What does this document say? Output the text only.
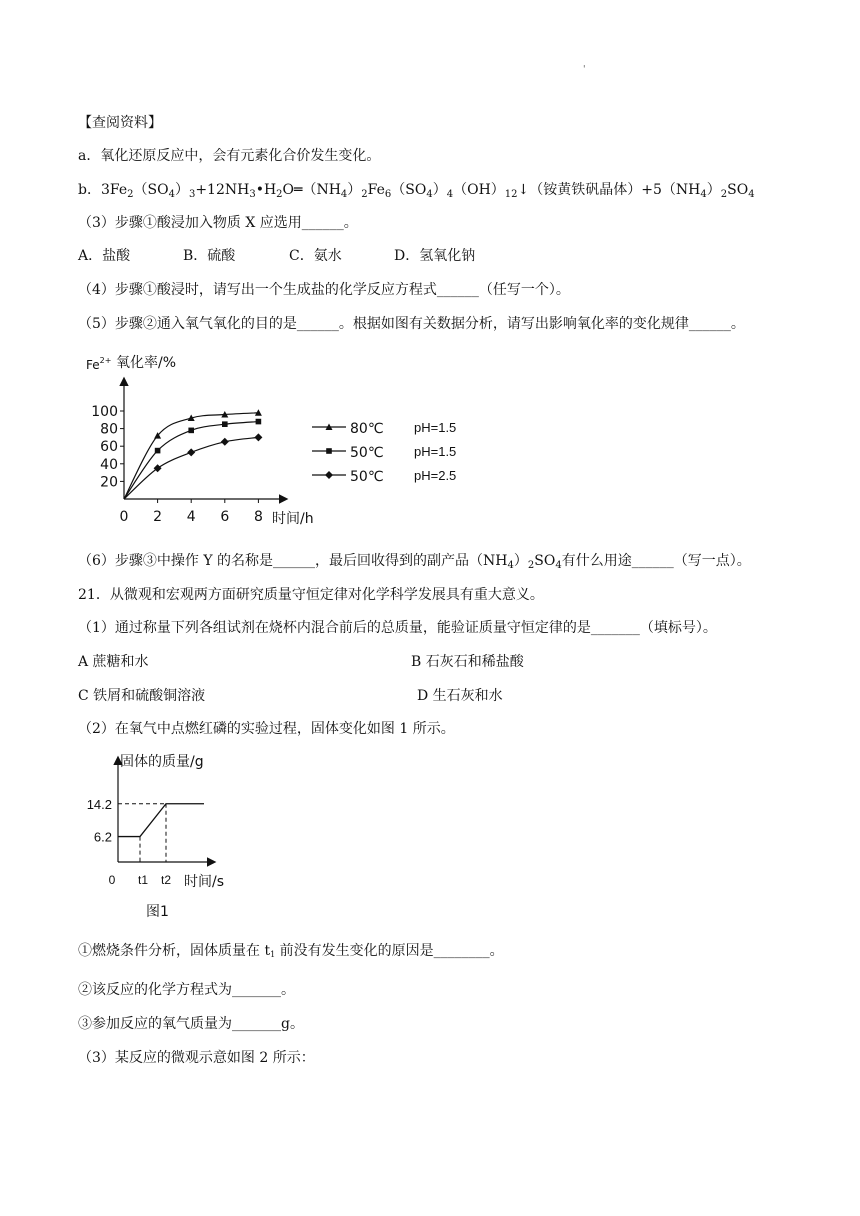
'
【查阅资料】
a．氧化还原反应中，会有元素化合价发生变化。
b．$3Fe_2(SO_4)_3+12NH_3•H_2O═(NH_4)_2Fe_6(SO_4)_4(OH)_{12}↓$（铵黄铁矾晶体）$+5(NH_4)_2SO_4$
（3）步骤①酸浸加入物质 X 应选用______。
A．盐酸	B．硫酸	C．氨水	D．氢氧化钠
（4）步骤①酸浸时，请写出一个生成盐的化学反应方程式______（任写一个）。
（5）步骤②通入氧气氧化的目的是______。根据如图有关数据分析，请写出影响氧化率的变化规律______。
$Fe^{2+}$ 氧化率/%
20
40
60
80
100
0 2 4 6 8 时间/h
80℃ pH=1.5
50℃ pH=1.5
50℃ pH=2.5
（6）步骤③中操作 Y 的名称是______，最后回收得到的副产品$(NH_4)_2SO_4$有什么用途______（写一点）。
21．从微观和宏观两方面研究质量守恒定律对化学科学发展具有重大意义。
（1）通过称量下列各组试剂在烧杯内混合前后的总质量，能验证质量守恒定律的是_______（填标号）。
A 蔗糖和水	B 石灰石和稀盐酸
C 铁屑和硫酸铜溶液	D 生石灰和水
（2）在氧气中点燃红磷的实验过程，固体变化如图 1 所示。
固体的质量/g
6.2
14.2
0 t1 t2 时间/s
图1
①燃烧条件分析，固体质量在 t1 前没有发生变化的原因是________。
②该反应的化学方程式为_______。
③参加反应的氧气质量为_______g。
（3）某反应的微观示意如图 2 所示：
